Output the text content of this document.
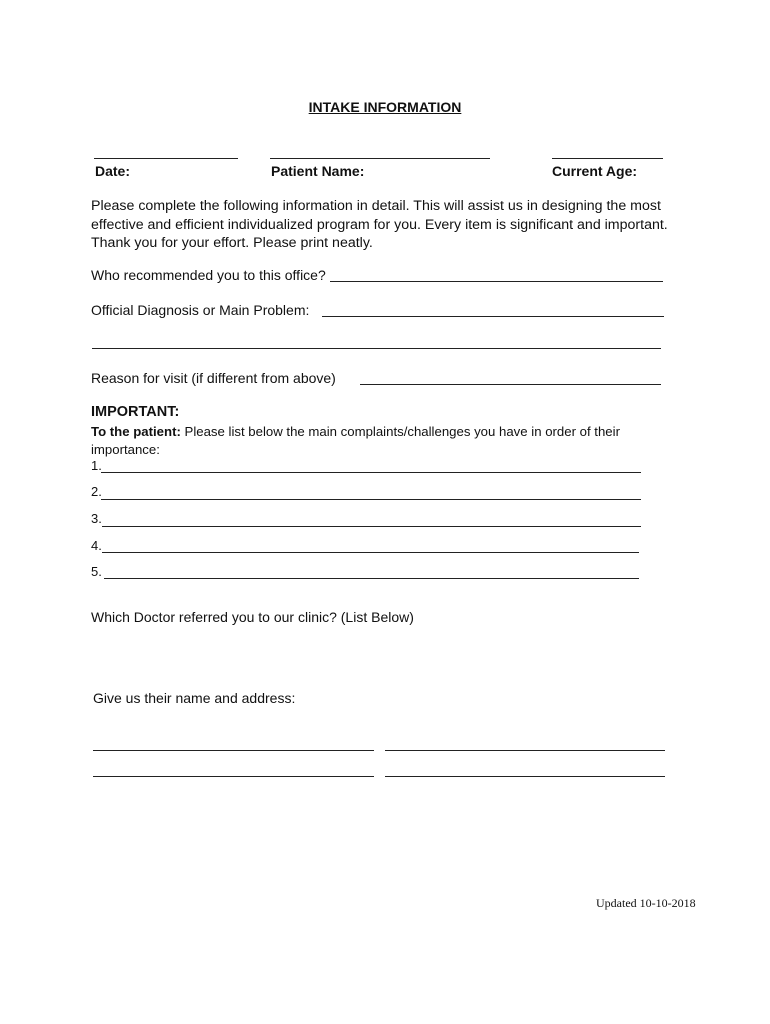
INTAKE INFORMATION
Date:	Patient Name:	Current Age:
Please complete the following information in detail. This will assist us in designing the most effective and efficient individualized program for you. Every item is significant and important. Thank you for your effort. Please print neatly.
Who recommended you to this office?
Official Diagnosis or Main Problem:
Reason for visit (if different from above)
IMPORTANT:
To the patient: Please list below the main complaints/challenges you have in order of their importance:
1.
2.
3.
4.
5.
Which Doctor referred you to our clinic? (List Below)
Give us their name and address:
Updated 10-10-2018
